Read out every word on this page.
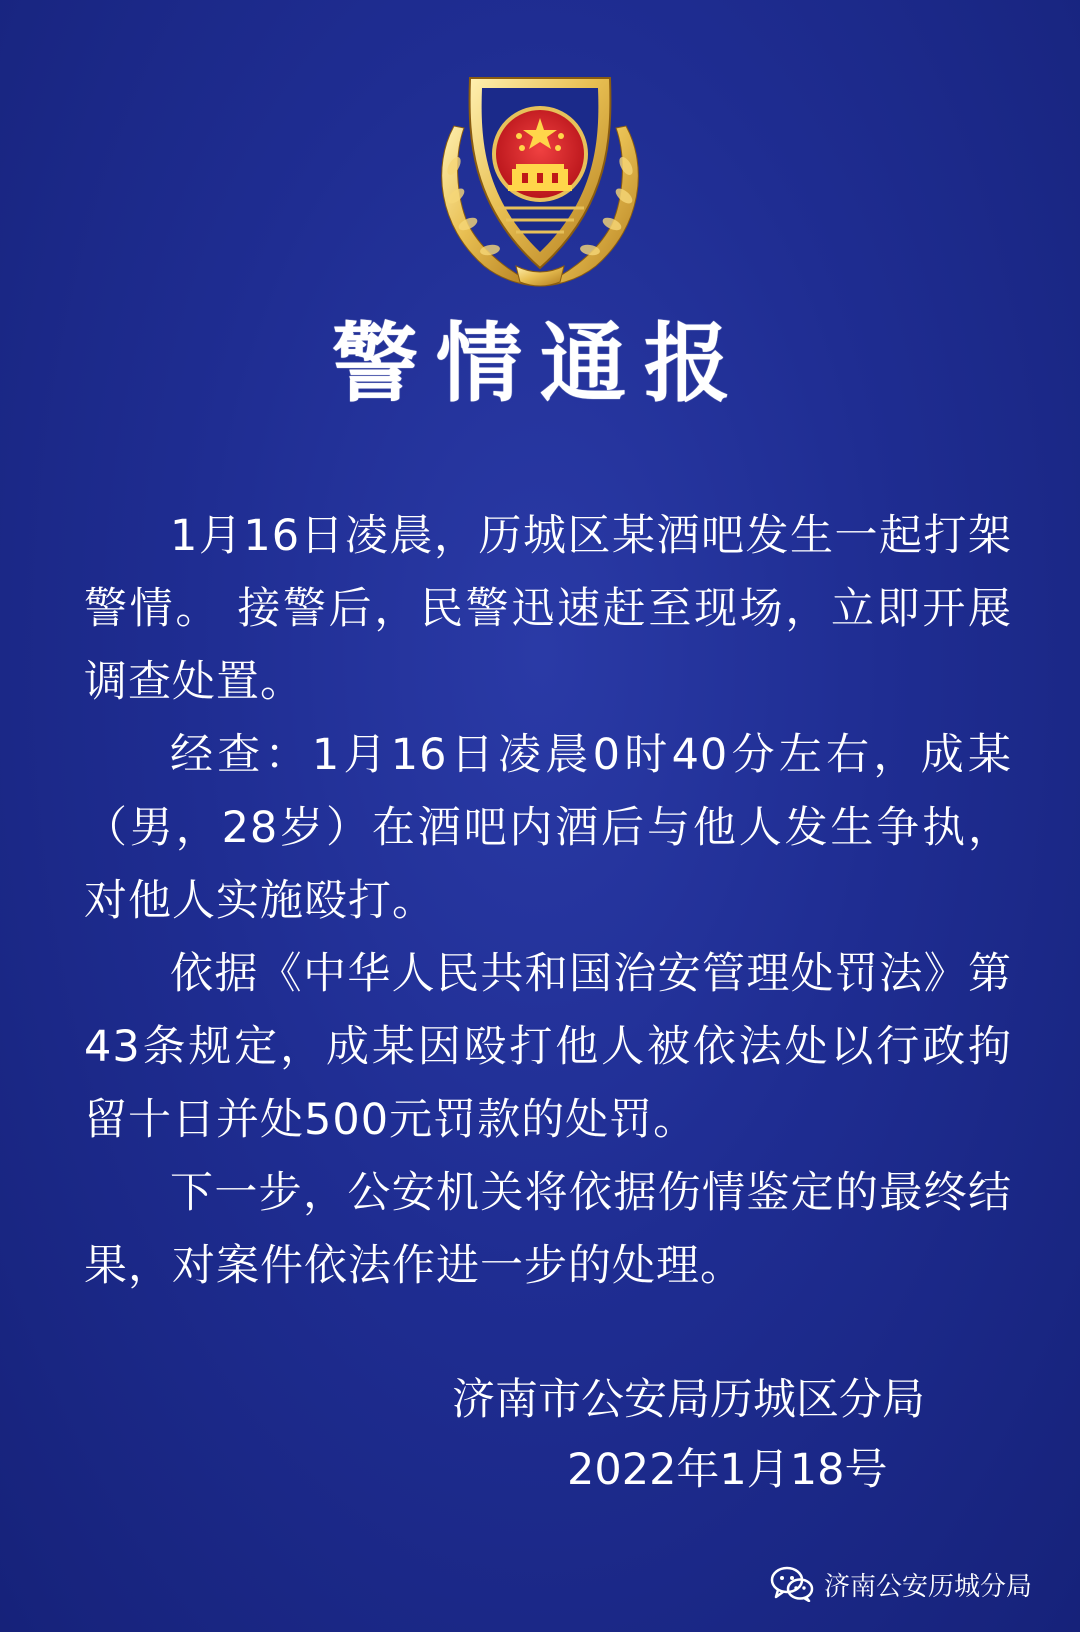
警情通报

1月16日凌晨，历城区某酒吧发生一起打架警情。 接警后，民警迅速赶至现场，立即开展调查处置。

经查：1月16日凌晨0时40分左右，成某（男，28岁）在酒吧内酒后与他人发生争执，对他人实施殴打。

依据《中华人民共和国治安管理处罚法》第43条规定，成某因殴打他人被依法处以行政拘留十日并处500元罚款的处罚。

下一步，公安机关将依据伤情鉴定的最终结果，对案件依法作进一步的处理。

济南市公安局历城区分局
2022年1月18号
济南公安历城分局
